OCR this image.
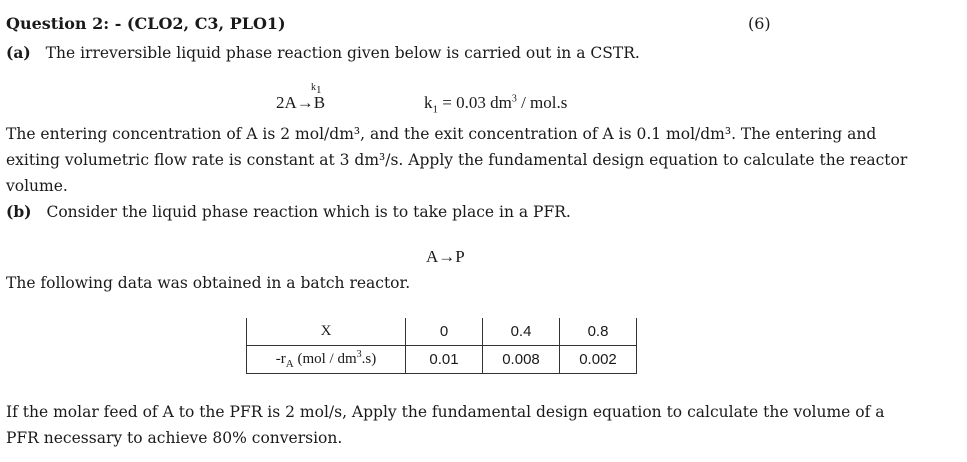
Question 2: - (CLO2, C3, PLO1)	(6)
(a) The irreversible liquid phase reaction given below is carried out in a CSTR.
$k_1$
2A→B	$k_1 = 0.03$ $dm^3 / mol.s$
The entering concentration of A is 2 mol/dm³, and the exit concentration of A is 0.1 mol/dm³. The entering and
exiting volumetric flow rate is constant at 3 dm³/s. Apply the fundamental design equation to calculate the reactor
volume.
(b) Consider the liquid phase reaction which is to take place in a PFR.
A→P
The following data was obtained in a batch reactor.
X	0	0.4	0.8
$-r_A$ $(mol / dm^3.s)$	0.01	0.008	0.002
If the molar feed of A to the PFR is 2 mol/s, Apply the fundamental design equation to calculate the volume of a
PFR necessary to achieve 80% conversion.
